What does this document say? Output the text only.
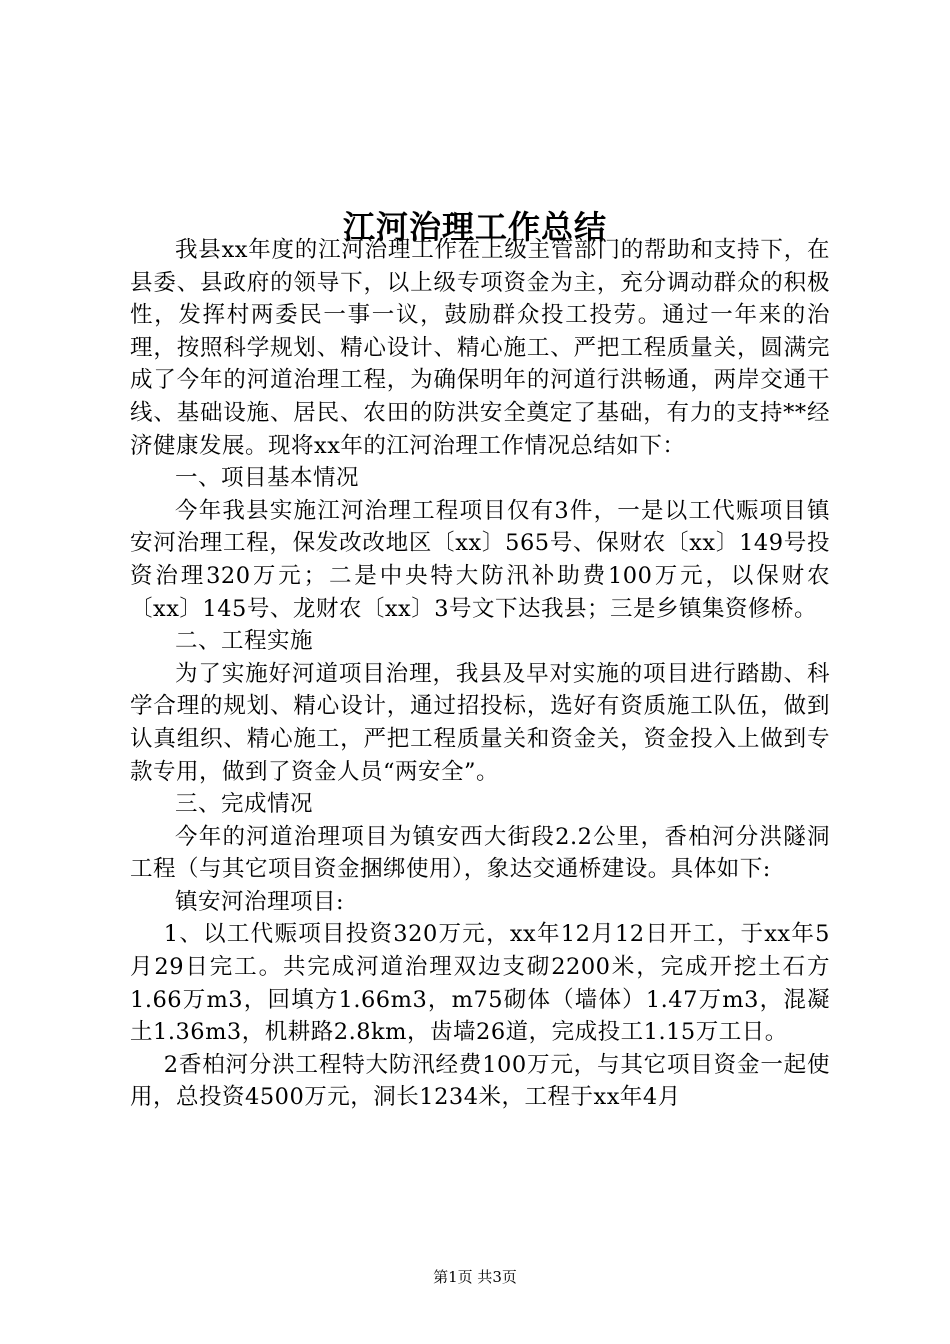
江河治理工作总结

我县xx年度的江河治理工作在上级主管部门的帮助和支持下，在县委、县政府的领导下，以上级专项资金为主，充分调动群众的积极性，发挥村两委民一事一议，鼓励群众投工投劳。通过一年来的治理，按照科学规划、精心设计、精心施工、严把工程质量关，圆满完成了今年的河道治理工程，为确保明年的河道行洪畅通，两岸交通干线、基础设施、居民、农田的防洪安全奠定了基础，有力的支持**经济健康发展。现将xx年的江河治理工作情况总结如下：

一、项目基本情况

今年我县实施江河治理工程项目仅有3件，一是以工代赈项目镇安河治理工程，保发改改地区〔xx〕565号、保财农〔xx〕149号投资治理320万元；二是中央特大防汛补助费100万元，以保财农〔xx〕145号、龙财农〔xx〕3号文下达我县；三是乡镇集资修桥。

二、工程实施

为了实施好河道项目治理，我县及早对实施的项目进行踏勘、科学合理的规划、精心设计，通过招投标，选好有资质施工队伍，做到认真组织、精心施工，严把工程质量关和资金关，资金投入上做到专款专用，做到了资金人员“两安全”。

三、完成情况

今年的河道治理项目为镇安西大街段2.2公里，香柏河分洪隧洞工程（与其它项目资金捆绑使用），象达交通桥建设。具体如下:

镇安河治理项目:

1、以工代赈项目投资320万元，xx年12月12日开工，于xx年5月29日完工。共完成河道治理双边支砌2200米，完成开挖土石方1.66万m3，回填方1.66m3，m75砌体（墙体）1.47万m3，混凝土1.36m3，机耕路2.8km，齿墙26道，完成投工1.15万工日。

2香柏河分洪工程特大防汛经费100万元，与其它项目资金一起使用，总投资4500万元，洞长1234米，工程于xx年4月

第1页 共3页
